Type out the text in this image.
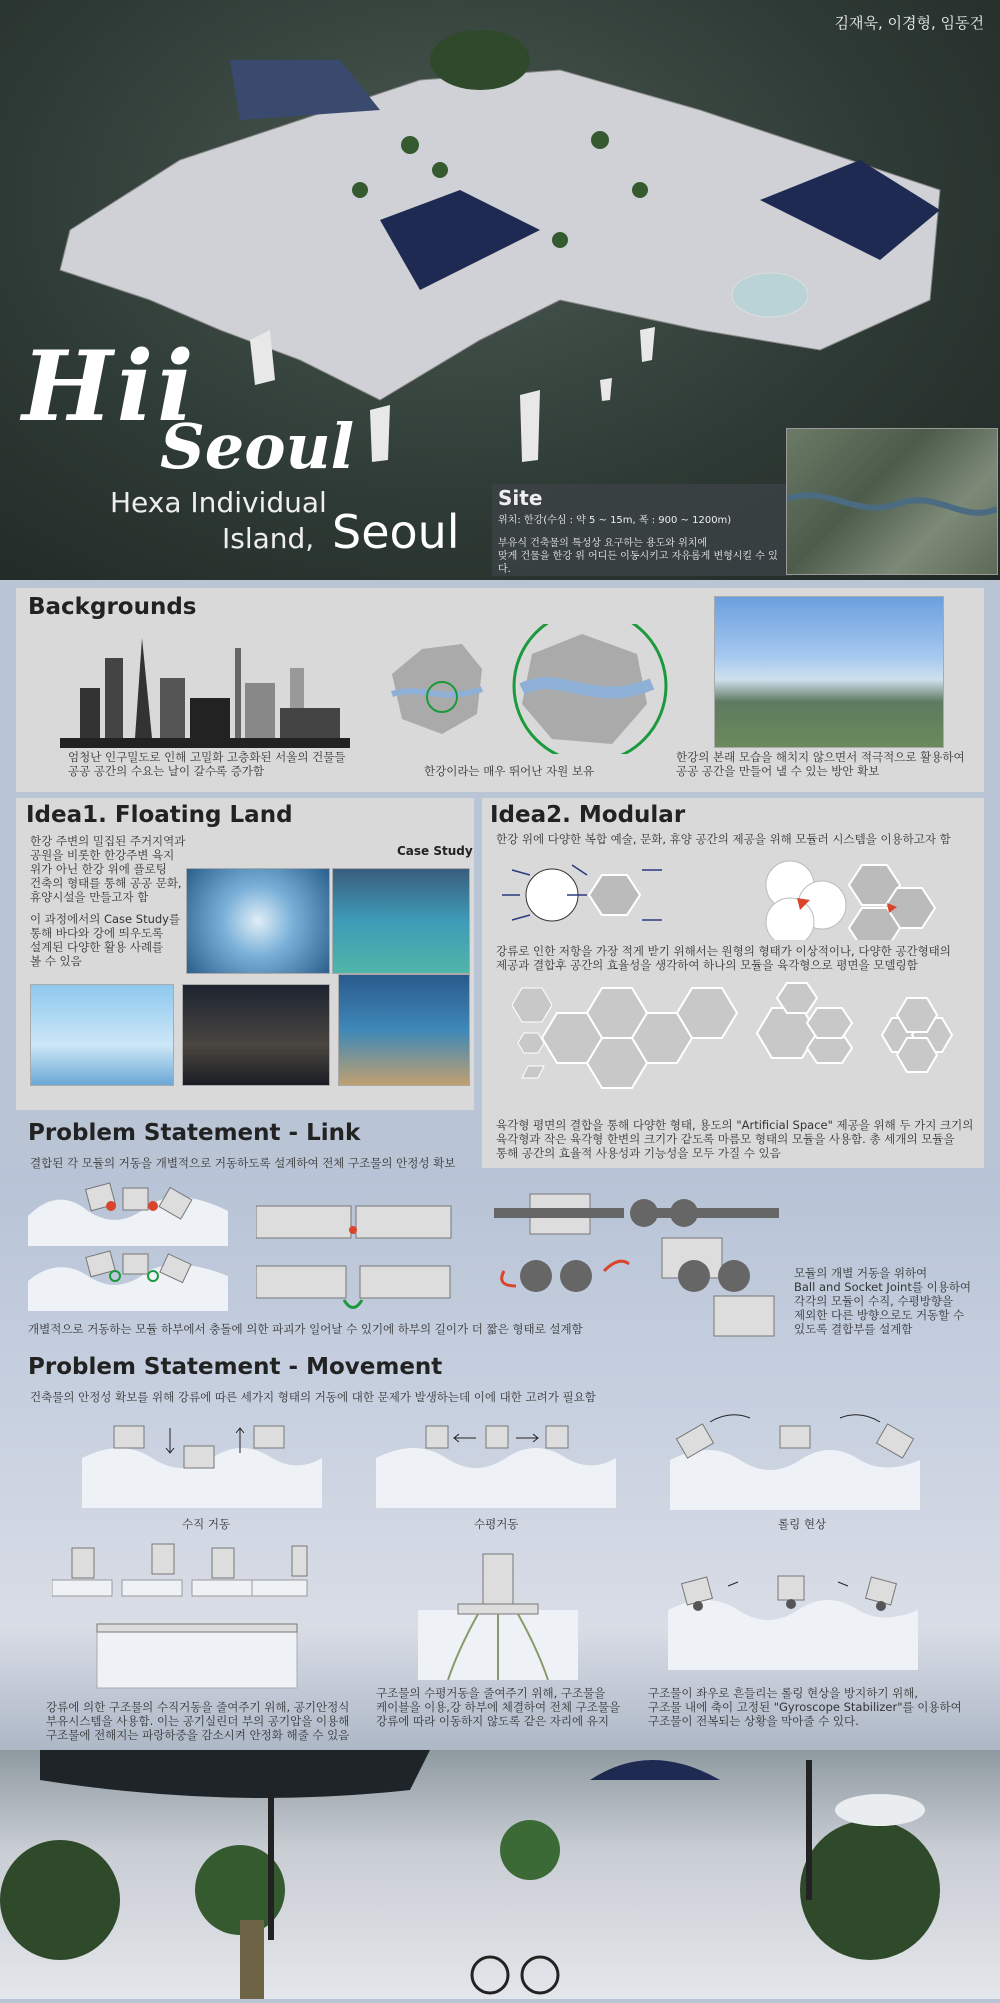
김재욱, 이경형, 임동건
Hii
Seoul
Hexa Individual
Island, Seoul
Site
위치: 한강(수심 : 약 5 ~ 15m, 폭 : 900 ~ 1200m)
부유식 건축물의 특성상 요구하는 용도와 위치에
맞게 건물을 한강 위 어디든 이동시키고 자유롭게 변형시킬 수 있다.
Backgrounds
엄청난 인구밀도로 인해 고밀화 고층화된 서울의 건물들
공공 공간의 수요는 날이 갈수록 증가함	한강이라는 매우 뛰어난 자원 보유
한강의 본래 모습을 해치지 않으면서 적극적으로 활용하여
공공 공간을 만들어 낼 수 있는 방안 확보
Idea1. Floating Land
Case Study
한강 주변의 밀집된 주거지역과
공원을 비롯한 한강주변 육지
위가 아닌 한강 위에 플로팅
건축의 형태를 통해 공공 문화,
휴양시설을 만들고자 함
이 과정에서의 Case Study를
통해 바다와 강에 띄우도록
설계된 다양한 활용 사례를
볼 수 있음
Idea2. Modular
한강 위에 다양한 복합 예술, 문화, 휴양 공간의 제공을 위해 모듈러 시스템을 이용하고자 함
강류로 인한 저항을 가장 적게 받기 위해서는 원형의 형태가 이상적이나, 다양한 공간형태의
제공과 결합후 공간의 효율성을 생각하여 하나의 모듈을 육각형으로 평면을 모델링함
육각형 평면의 결합을 통해 다양한 형태, 용도의 "Artificial Space" 제공을 위해 두 가지 크기의
육각형과 작은 육각형 한변의 크기가 같도록 마름모 형태의 모듈을 사용함. 총 세개의 모듈을
통해 공간의 효율적 사용성과 기능성을 모두 가질 수 있음
Problem Statement - Link
결합된 각 모듈의 거동을 개별적으로 거동하도록 설계하여 전체 구조물의 안정성 확보
개별적으로 거동하는 모듈 하부에서 충돌에 의한 파괴가 일어날 수 있기에 하부의 길이가 더 짧은 형태로 설계함
모듈의 개별 거동을 위하여
Ball and Socket Joint를 이용하여
각각의 모듈이 수직, 수평방향을
제외한 다른 방향으로도 거동할 수
있도록 결합부를 설계함
Problem Statement - Movement
건축물의 안정성 확보를 위해 강류에 따른 세가지 형태의 거동에 대한 문제가 발생하는데 이에 대한 고려가 필요함
수직 거동	수평거동	롤링 현상
강류에 의한 구조물의 수직거동을 줄여주기 위해, 공기안정식
부유시스템을 사용함. 이는 공기실린더 부의 공기압을 이용해
구조물에 전해지는 파랑하중을 감소시켜 안정화 해줄 수 있음
구조물의 수평거동을 줄여주기 위해, 구조물을
케이블을 이용,강 하부에 체결하여 전체 구조물을
강류에 따라 이동하지 않도록 같은 자리에 유지
구조물이 좌우로 흔들리는 롤링 현상을 방지하기 위해,
구조물 내에 축이 고정된 "Gyroscope Stabilizer"를 이용하여
구조물이 전복되는 상황을 막아줄 수 있다.
